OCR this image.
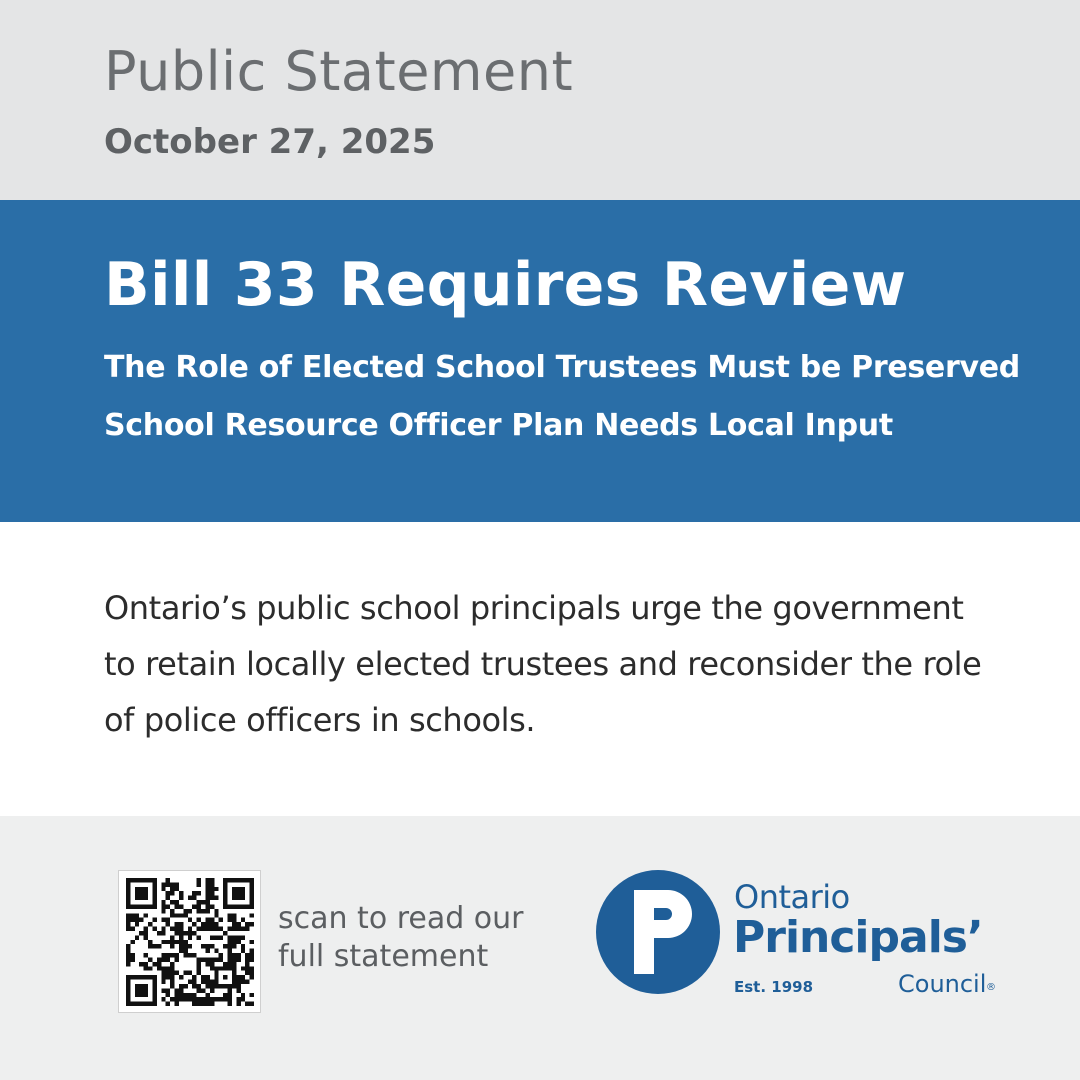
Public Statement
October 27, 2025
Bill 33 Requires Review
The Role of Elected School Trustees Must be Preserved
School Resource Officer Plan Needs Local Input
Ontario’s public school principals urge the government
to retain locally elected trustees and reconsider the role
of police officers in schools.
scan to read our
full statement
Ontario
Principals’
Est. 1998	Council ®
